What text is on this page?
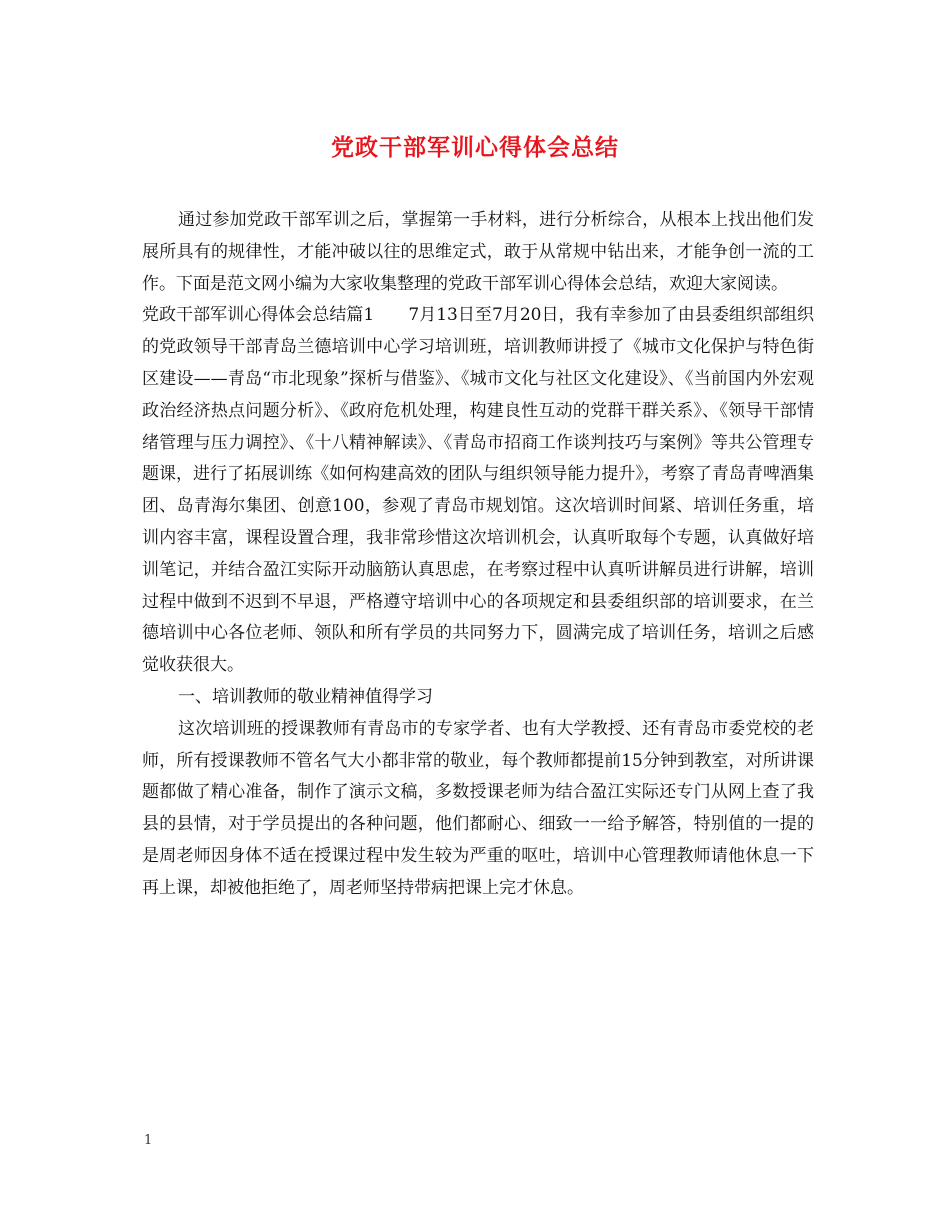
党政干部军训心得体会总结

通过参加党政干部军训之后，掌握第一手材料，进行分析综合，从根本上找出他们发展所具有的规律性，才能冲破以往的思维定式，敢于从常规中钻出来，才能争创一流的工作。下面是范文网小编为大家收集整理的党政干部军训心得体会总结，欢迎大家阅读。

党政干部军训心得体会总结篇1　　7月13日至7月20日，我有幸参加了由县委组织部组织的党政领导干部青岛兰德培训中心学习培训班，培训教师讲授了《城市文化保护与特色街区建设——青岛“市北现象”探析与借鉴》、《城市文化与社区文化建设》、《当前国内外宏观政治经济热点问题分析》、《政府危机处理，构建良性互动的党群干群关系》、《领导干部情绪管理与压力调控》、《十八精神解读》、《青岛市招商工作谈判技巧与案例》等共公管理专题课，进行了拓展训练《如何构建高效的团队与组织领导能力提升》，考察了青岛青啤酒集团、岛青海尔集团、创意100，参观了青岛市规划馆。这次培训时间紧、培训任务重，培训内容丰富，课程设置合理，我非常珍惜这次培训机会，认真听取每个专题，认真做好培训笔记，并结合盈江实际开动脑筋认真思虑，在考察过程中认真听讲解员进行讲解，培训过程中做到不迟到不早退，严格遵守培训中心的各项规定和县委组织部的培训要求，在兰德培训中心各位老师、领队和所有学员的共同努力下，圆满完成了培训任务，培训之后感觉收获很大。

一、培训教师的敬业精神值得学习

这次培训班的授课教师有青岛市的专家学者、也有大学教授、还有青岛市委党校的老师，所有授课教师不管名气大小都非常的敬业，每个教师都提前15分钟到教室，对所讲课题都做了精心准备，制作了演示文稿，多数授课老师为结合盈江实际还专门从网上查了我县的县情，对于学员提出的各种问题，他们都耐心、细致一一给予解答，特别值的一提的是周老师因身体不适在授课过程中发生较为严重的呕吐，培训中心管理教师请他休息一下再上课，却被他拒绝了，周老师坚持带病把课上完才休息。

1
